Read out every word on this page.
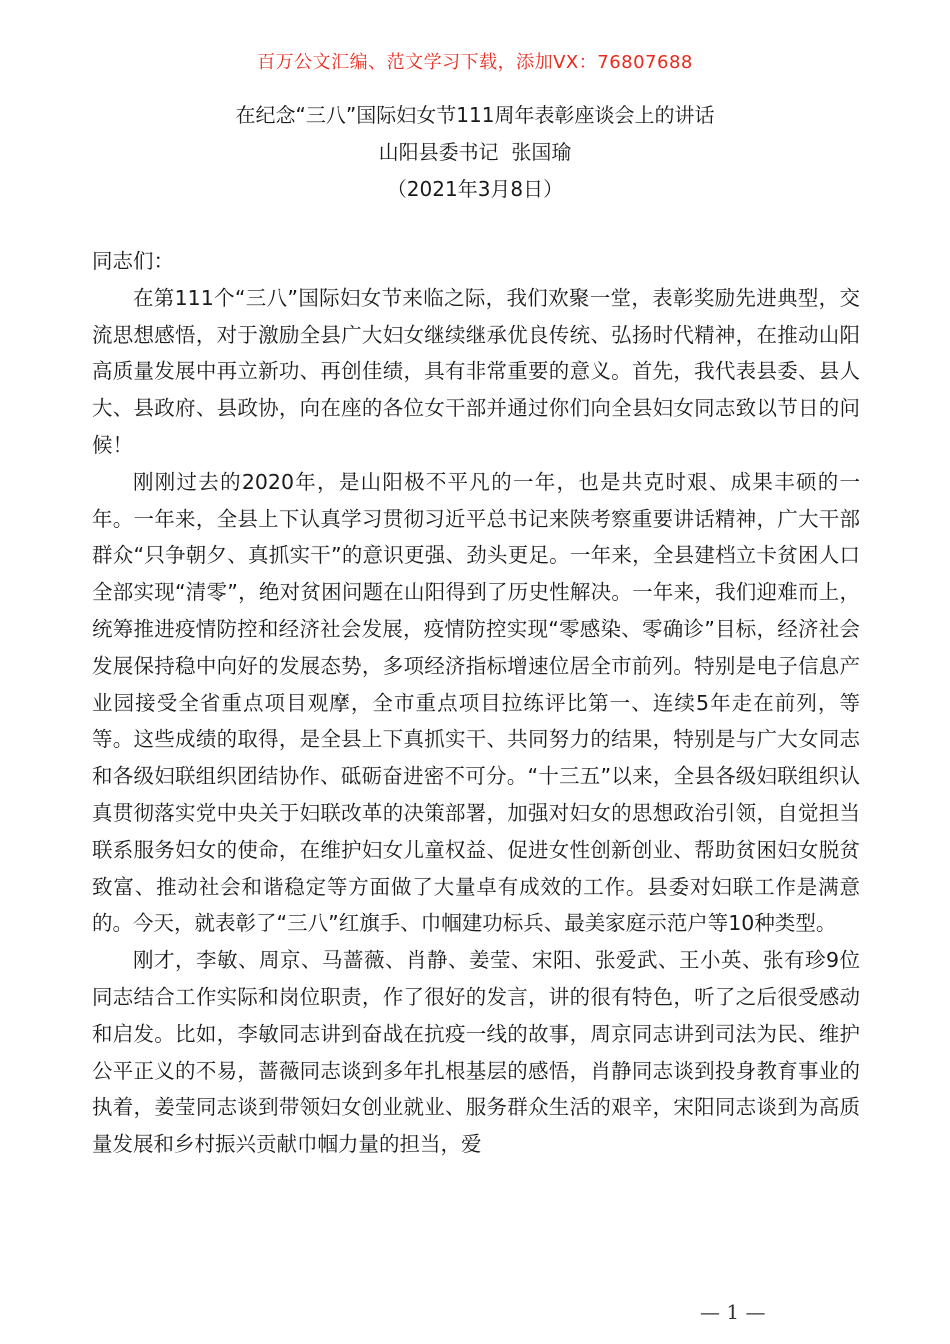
百万公文汇编、范文学习下载，添加VX：76807688
在纪念“三八”国际妇女节111周年表彰座谈会上的讲话
山阳县委书记  张国瑜
（2021年3月8日）

同志们：

在第111个“三八”国际妇女节来临之际，我们欢聚一堂，表彰奖励先进典型，交流思想感悟，对于激励全县广大妇女继续继承优良传统、弘扬时代精神，在推动山阳高质量发展中再立新功、再创佳绩，具有非常重要的意义。首先，我代表县委、县人大、县政府、县政协，向在座的各位女干部并通过你们向全县妇女同志致以节日的问候！

刚刚过去的2020年，是山阳极不平凡的一年，也是共克时艰、成果丰硕的一年。一年来，全县上下认真学习贯彻习近平总书记来陕考察重要讲话精神，广大干部群众“只争朝夕、真抓实干”的意识更强、劲头更足。一年来，全县建档立卡贫困人口全部实现“清零”，绝对贫困问题在山阳得到了历史性解决。一年来，我们迎难而上，统筹推进疫情防控和经济社会发展，疫情防控实现“零感染、零确诊”目标，经济社会发展保持稳中向好的发展态势，多项经济指标增速位居全市前列。特别是电子信息产业园接受全省重点项目观摩，全市重点项目拉练评比第一、连续5年走在前列，等等。这些成绩的取得，是全县上下真抓实干、共同努力的结果，特别是与广大女同志和各级妇联组织团结协作、砥砺奋进密不可分。“十三五”以来，全县各级妇联组织认真贯彻落实党中央关于妇联改革的决策部署，加强对妇女的思想政治引领，自觉担当联系服务妇女的使命，在维护妇女儿童权益、促进女性创新创业、帮助贫困妇女脱贫致富、推动社会和谐稳定等方面做了大量卓有成效的工作。县委对妇联工作是满意的。今天，就表彰了“三八”红旗手、巾帼建功标兵、最美家庭示范户等10种类型。

刚才，李敏、周京、马蔷薇、肖静、姜莹、宋阳、张爱武、王小英、张有珍9位同志结合工作实际和岗位职责，作了很好的发言，讲的很有特色，听了之后很受感动和启发。比如，李敏同志讲到奋战在抗疫一线的故事，周京同志讲到司法为民、维护公平正义的不易，蔷薇同志谈到多年扎根基层的感悟，肖静同志谈到投身教育事业的执着，姜莹同志谈到带领妇女创业就业、服务群众生活的艰辛，宋阳同志谈到为高质量发展和乡村振兴贡献巾帼力量的担当，爱

— 1 —
